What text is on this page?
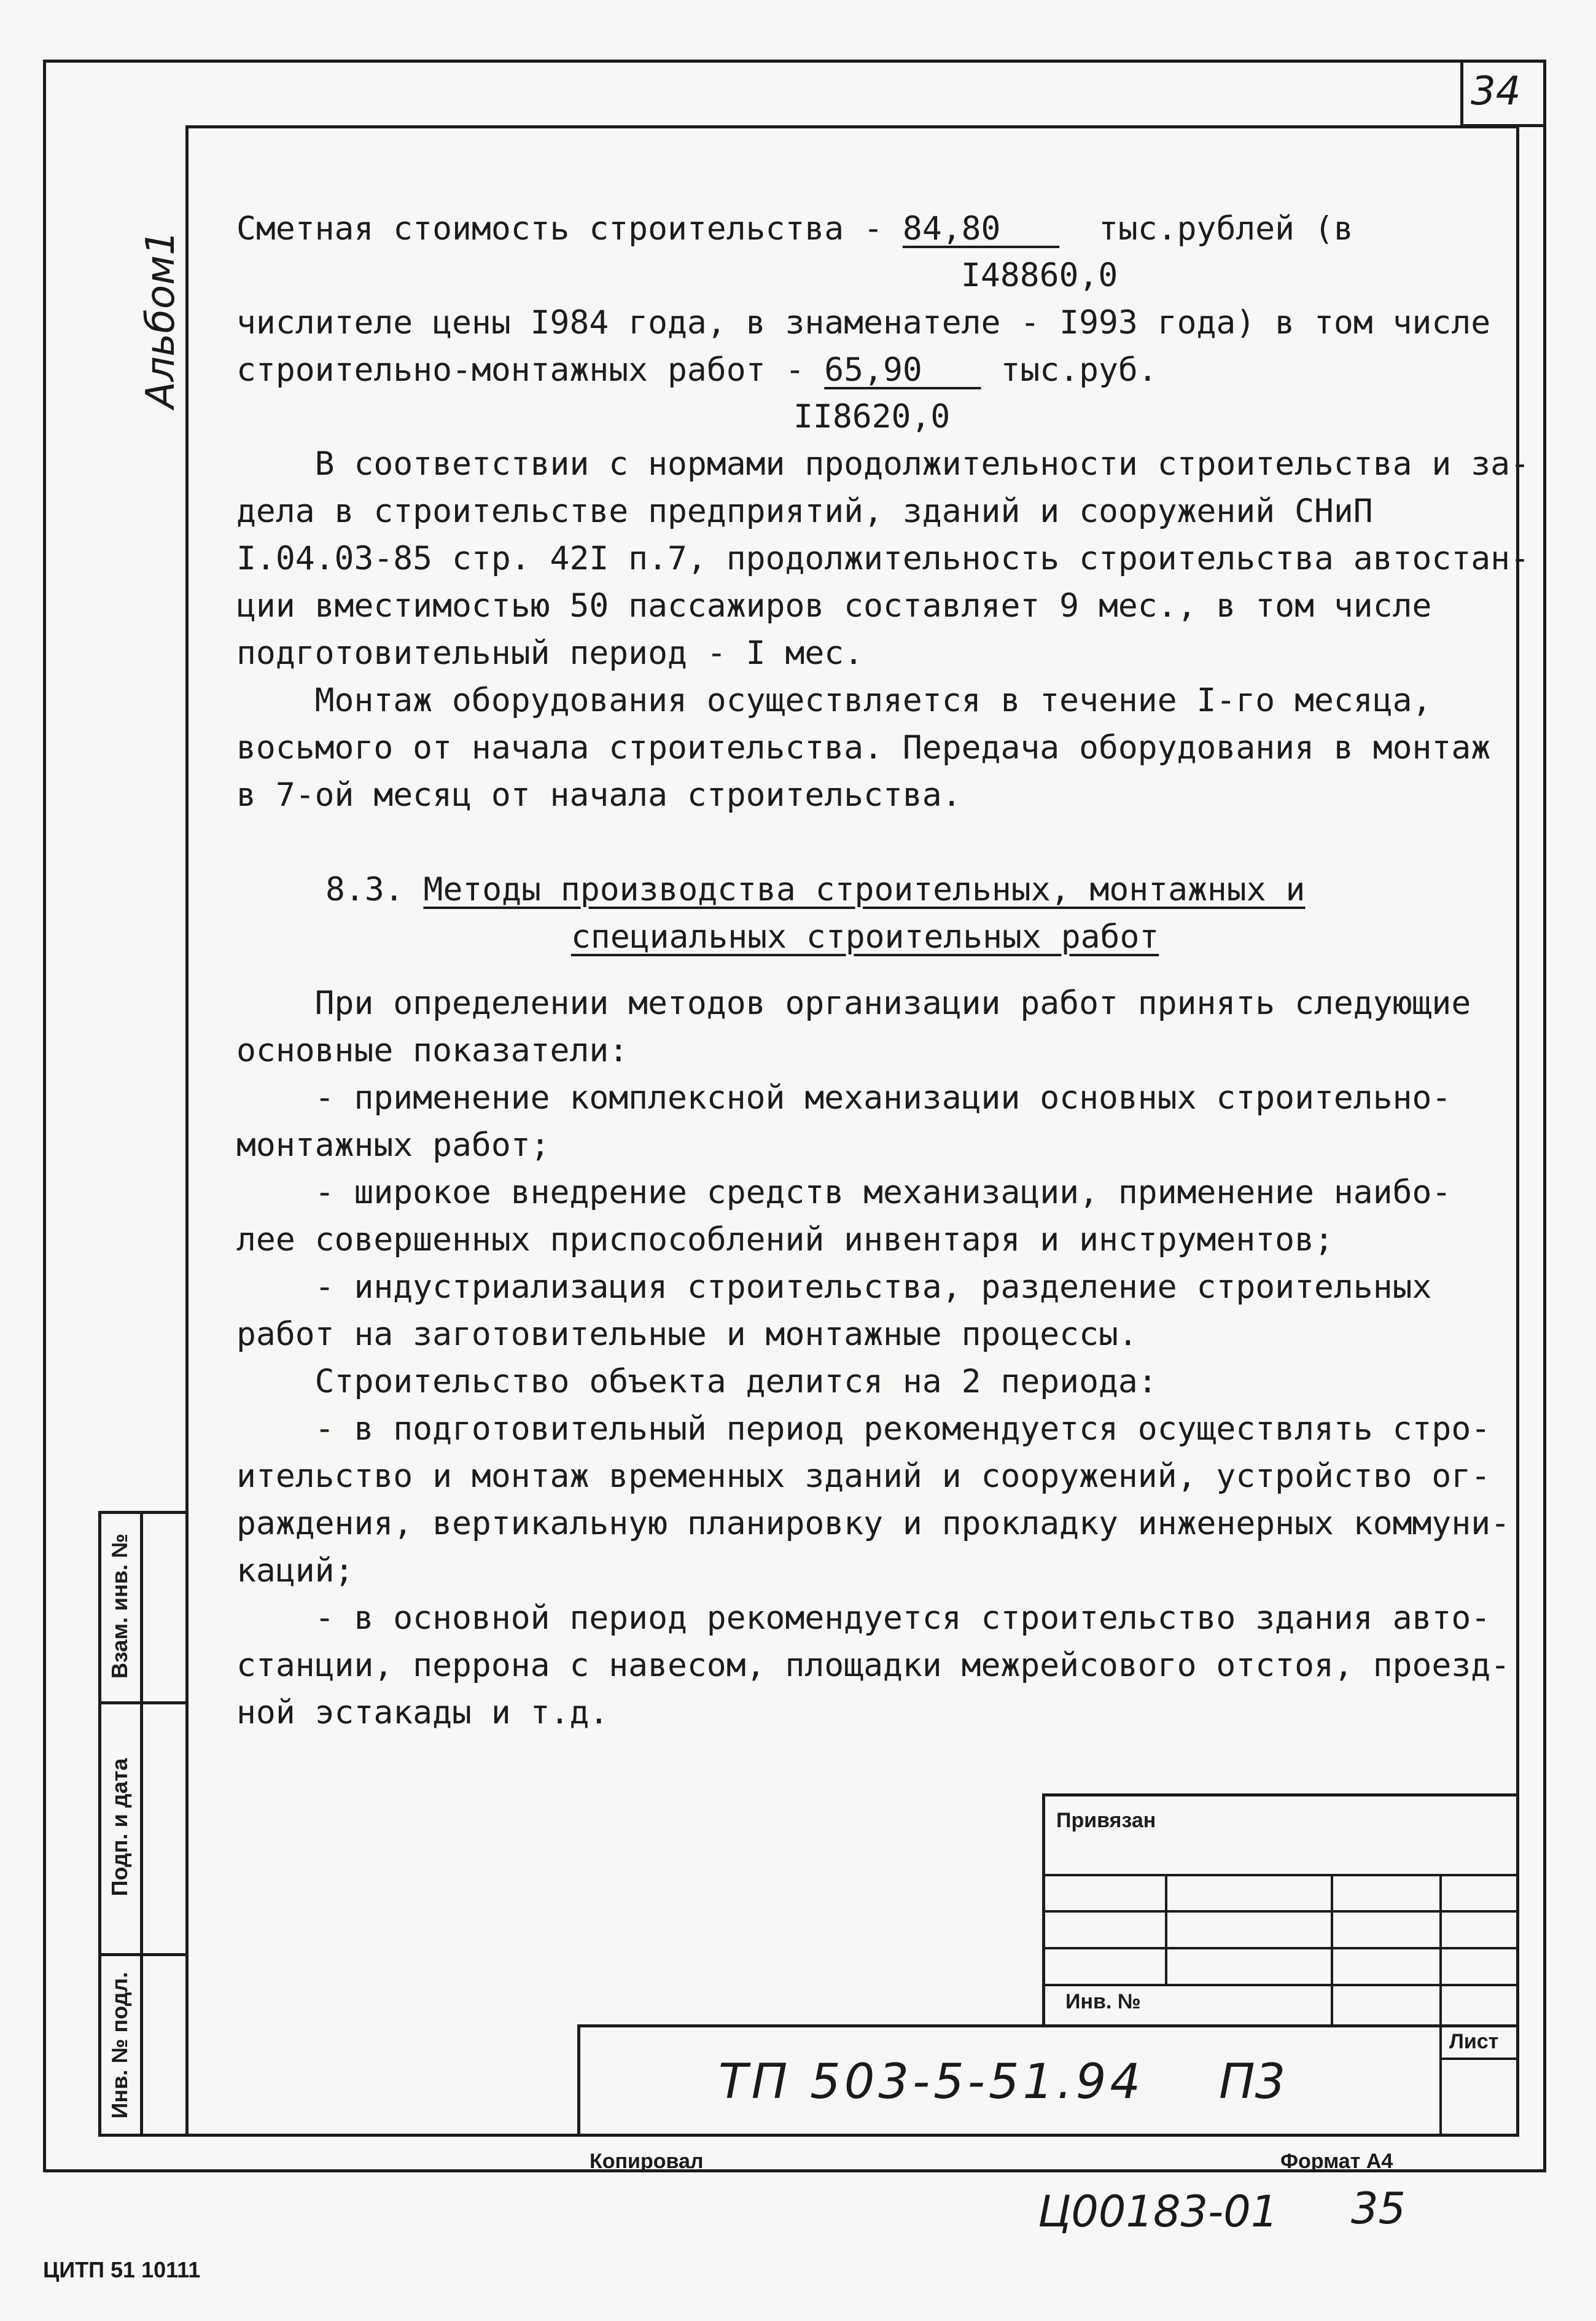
34
Альбом1
Взам. инв. №
Подп. и дата
Инв. № подл.
Сметная стоимость строительства - 84,80     тыс.рублей (в
I48860,0
числителе цены I984 года, в знаменателе - I993 года) в том числе
строительно-монтажных работ - 65,90    тыс.руб.
II8620,0
В соответствии с нормами продолжительности строительства и за-
дела в строительстве предприятий, зданий и сооружений СНиП
I.04.03-85 стр. 42I п.7, продолжительность строительства автостан-
ции вместимостью 50 пассажиров составляет 9 мес., в том числе
подготовительный период - I мес.
Монтаж оборудования осуществляется в течение I-го месяца,
восьмого от начала строительства. Передача оборудования в монтаж
в 7-ой месяц от начала строительства.
8.3. Методы производства строительных, монтажных и
специальных строительных работ
При определении методов организации работ принять следующие
основные показатели:
- применение комплексной механизации основных строительно-
монтажных работ;
- широкое внедрение средств механизации, применение наибо-
лее совершенных приспособлений инвентаря и инструментов;
- индустриализация строительства, разделение строительных
работ на заготовительные и монтажные процессы.
Строительство объекта делится на 2 периода:
- в подготовительный период рекомендуется осуществлять стро-
ительство и монтаж временных зданий и сооружений, устройство ог-
раждения, вертикальную планировку и прокладку инженерных коммуни-
каций;
- в основной период рекомендуется строительство здания авто-
станции, перрона с навесом, площадки межрейсового отстоя, проезд-
ной эстакады и т.д.
Привязан
Инв. №
Лист
ТП 503-5-51.94 П3
Копировал	Формат А4
Ц00183-01 35
ЦИТП 51 10111
